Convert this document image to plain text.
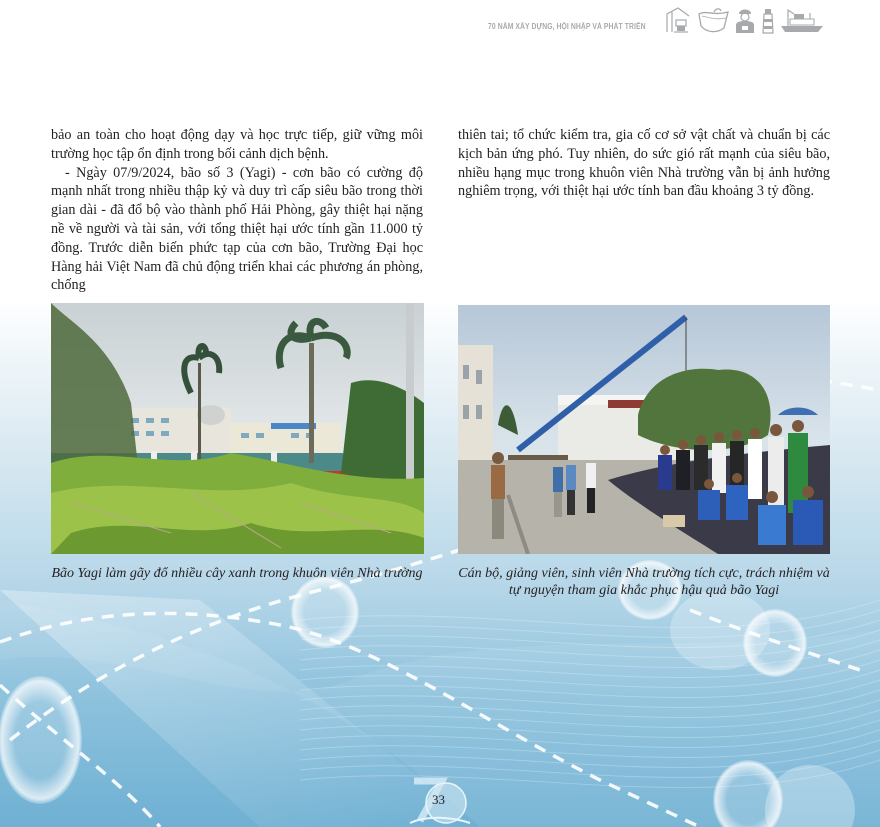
70 NĂM XÂY DỰNG, HỘI NHẬP VÀ PHÁT TRIỂN

bảo an toàn cho hoạt động dạy và học trực tiếp, giữ vững môi trường học tập ổn định trong bối cảnh dịch bệnh.

- Ngày 07/9/2024, bão số 3 (Yagi) - cơn bão có cường độ mạnh nhất trong nhiều thập kỷ và duy trì cấp siêu bão trong thời gian dài - đã đổ bộ vào thành phố Hải Phòng, gây thiệt hại nặng nề về người và tài sản, với tổng thiệt hại ước tính gần 11.000 tỷ đồng. Trước diễn biến phức tạp của cơn bão, Trường Đại học Hàng hải Việt Nam đã chủ động triển khai các phương án phòng, chống

thiên tai; tổ chức kiểm tra, gia cố cơ sở vật chất và chuẩn bị các kịch bản ứng phó. Tuy nhiên, do sức gió rất mạnh của siêu bão, nhiều hạng mục trong khuôn viên Nhà trường vẫn bị ảnh hưởng nghiêm trọng, với thiệt hại ước tính ban đầu khoảng 3 tỷ đồng.

Bão Yagi làm gãy đổ nhiều cây xanh trong khuôn viên Nhà trường	Cán bộ, giảng viên, sinh viên Nhà trường tích cực, trách nhiệm và tự nguyện tham gia khắc phục hậu quả bão Yagi
33
